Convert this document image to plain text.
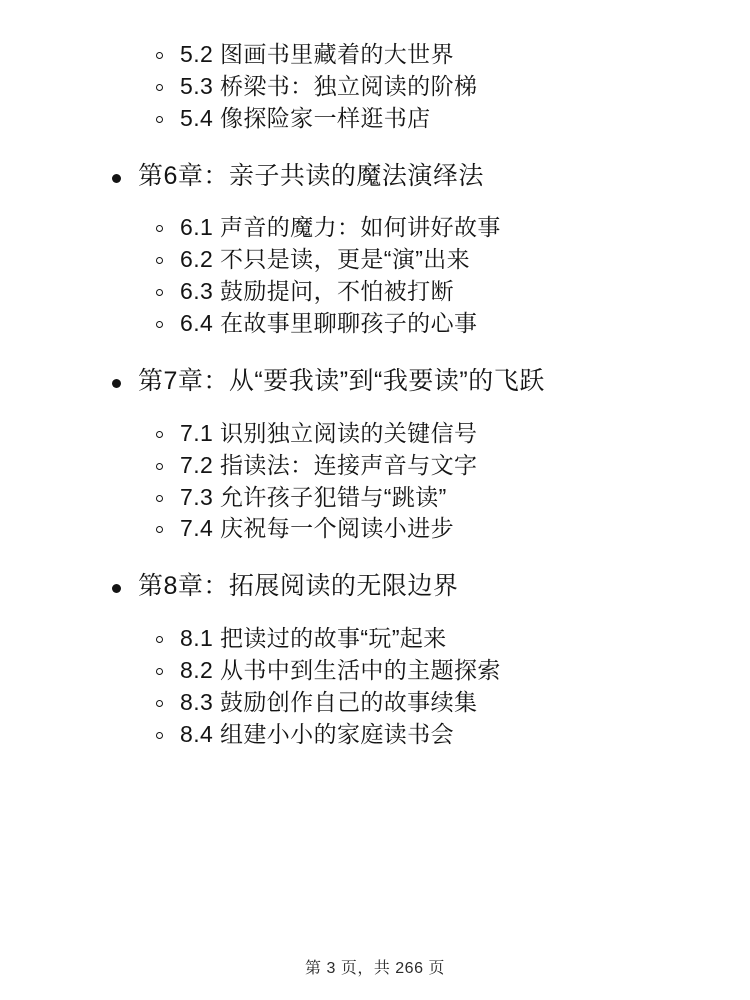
5.2 图画书里藏着的大世界
5.3 桥梁书：独立阅读的阶梯
5.4 像探险家一样逛书店
第6章：亲子共读的魔法演绎法
6.1 声音的魔力：如何讲好故事
6.2 不只是读，更是“演”出来
6.3 鼓励提问，不怕被打断
6.4 在故事里聊聊孩子的心事
第7章：从“要我读”到“我要读”的飞跃
7.1 识别独立阅读的关键信号
7.2 指读法：连接声音与文字
7.3 允许孩子犯错与“跳读”
7.4 庆祝每一个阅读小进步
第8章：拓展阅读的无限边界
8.1 把读过的故事“玩”起来
8.2 从书中到生活中的主题探索
8.3 鼓励创作自己的故事续集
8.4 组建小小的家庭读书会
第 3 页，共 266 页
